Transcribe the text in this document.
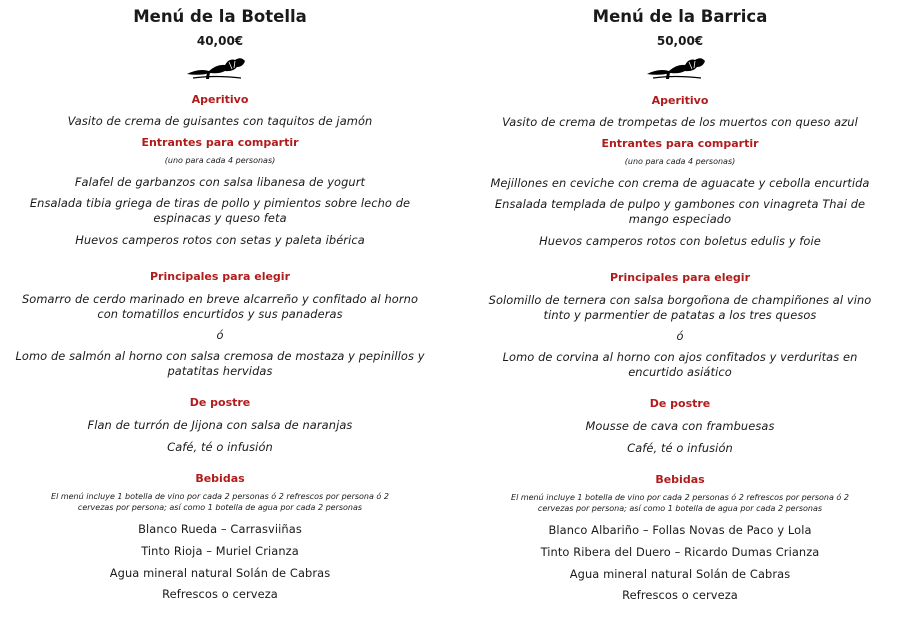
Menú de la Botella
40,00€
Aperitivo
Vasito de crema de guisantes con taquitos de jamón
Entrantes para compartir
(uno para cada 4 personas)
Falafel de garbanzos con salsa libanesa de yogurt
Ensalada tibia griega de tiras de pollo y pimientos sobre lecho de
espinacas y queso feta
Huevos camperos rotos con setas y paleta ibérica
Principales para elegir
Somarro de cerdo marinado en breve alcarreño y confitado al horno
con tomatillos encurtidos y sus panaderas
ó
Lomo de salmón al horno con salsa cremosa de mostaza y pepinillos y
patatitas hervidas
De postre
Flan de turrón de Jijona con salsa de naranjas
Café, té o infusión
Bebidas
El menú incluye 1 botella de vino por cada 2 personas ó 2 refrescos por persona ó 2
cervezas por persona; así como 1 botella de agua por cada 2 personas
Blanco Rueda – Carrasviiñas
Tinto Rioja – Muriel Crianza
Agua mineral natural Solán de Cabras
Refrescos o cerveza
Menú de la Barrica
50,00€
Aperitivo
Vasito de crema de trompetas de los muertos con queso azul
Entrantes para compartir
(uno para cada 4 personas)
Mejillones en ceviche con crema de aguacate y cebolla encurtida
Ensalada templada de pulpo y gambones con vinagreta Thai de
mango especiado
Huevos camperos rotos con boletus edulis y foie
Principales para elegir
Solomillo de ternera con salsa borgoñona de champiñones al vino
tinto y parmentier de patatas a los tres quesos
ó
Lomo de corvina al horno con ajos confitados y verduritas en
encurtido asiático
De postre
Mousse de cava con frambuesas
Café, té o infusión
Bebidas
El menú incluye 1 botella de vino por cada 2 personas ó 2 refrescos por persona ó 2
cervezas por persona; así como 1 botella de agua por cada 2 personas
Blanco Albariño – Follas Novas de Paco y Lola
Tinto Ribera del Duero – Ricardo Dumas Crianza
Agua mineral natural Solán de Cabras
Refrescos o cerveza
